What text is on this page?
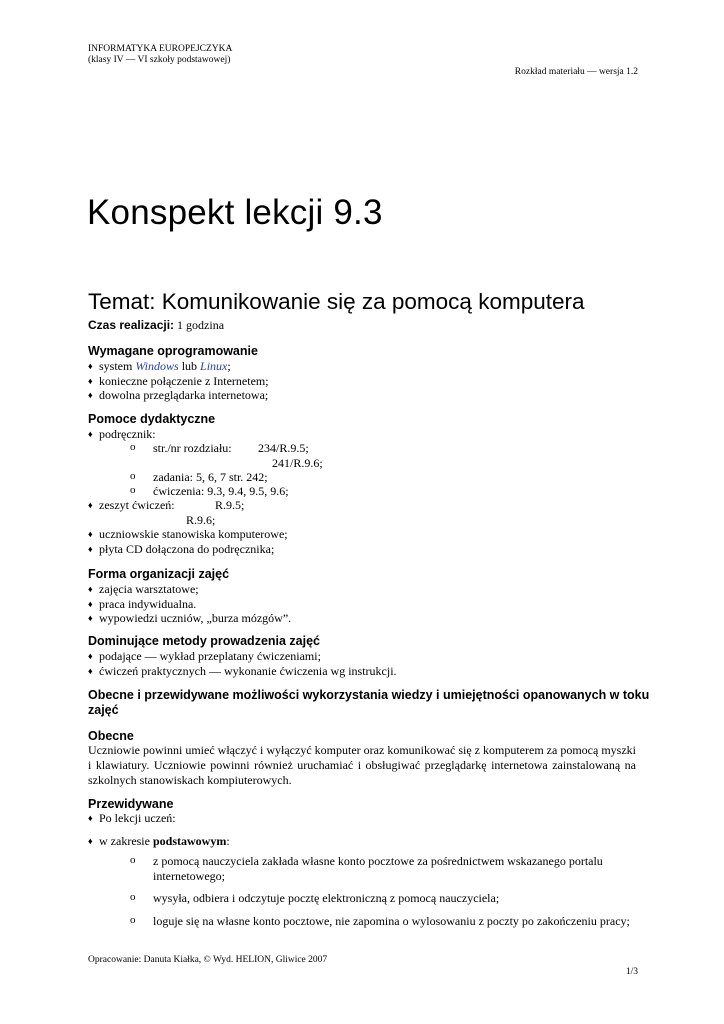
INFORMATYKA EUROPEJCZYKA
(klasy IV — VI szkoły podstawowej)
Rozkład materiału — wersja 1.2
Konspekt lekcji 9.3
Temat: Komunikowanie się za pomocą komputera
Czas realizacji: 1 godzina
Wymagane oprogramowanie
♦ system Windows lub Linux;
♦ konieczne połączenie z Internetem;
♦ dowolna przeglądarka internetowa;
Pomoce dydaktyczne
♦ podręcznik:
o str./nr rozdziału: 234/R.9.5;
241/R.9.6;
o zadania: 5, 6, 7 str. 242;
o ćwiczenia: 9.3, 9.4, 9.5, 9.6;
♦ zeszyt ćwiczeń:	R.9.5;
R.9.6;
♦ uczniowskie stanowiska komputerowe;
♦ płyta CD dołączona do podręcznika;
Forma organizacji zajęć
♦ zajęcia warsztatowe;
♦ praca indywidualna.
♦ wypowiedzi uczniów, „burza mózgów”.
Dominujące metody prowadzenia zajęć
♦ podające — wykład przeplatany ćwiczeniami;
♦ ćwiczeń praktycznych — wykonanie ćwiczenia wg instrukcji.
Obecne i przewidywane możliwości wykorzystania wiedzy i umiejętności opanowanych w toku
zajęć
Obecne
Uczniowie powinni umieć włączyć i wyłączyć komputer oraz komunikować się z komputerem za pomocą myszki i klawiatury. Uczniowie powinni również uruchamiać i obsługiwać przeglądarkę internetowa zainstalowaną na szkolnych stanowiskach kompiuterowych.
Przewidywane
♦ Po lekcji uczeń:
♦ w zakresie podstawowym:
o z pomocą nauczyciela zakłada własne konto pocztowe za pośrednictwem wskazanego portalu
internetowego;
o wysyła, odbiera i odczytuje pocztę elektroniczną z pomocą nauczyciela;
o loguje się na własne konto pocztowe, nie zapomina o wylosowaniu z poczty po zakończeniu pracy;
Opracowanie: Danuta Kiałka, © Wyd. HELION, Gliwice 2007
1/3
